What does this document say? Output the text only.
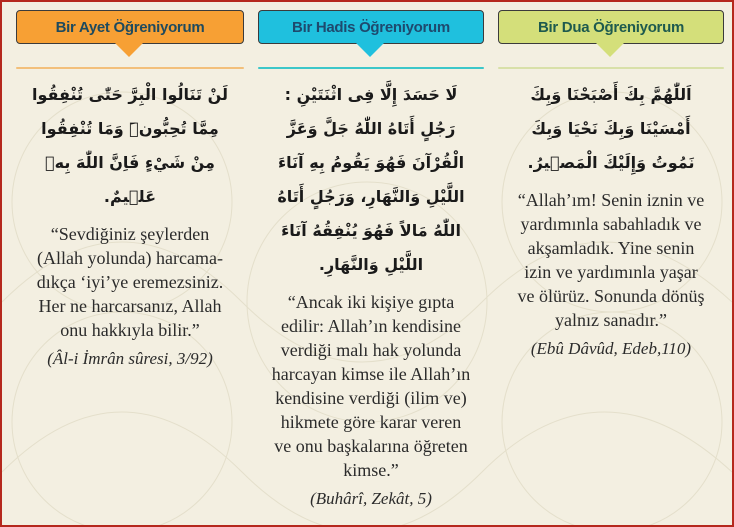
Bir Ayet Öğreniyorum
لَنْ تَنَالُوا الْبِرَّ حَتّٰى تُنْفِقُوا مِمَّا تُحِبُّونَۜ وَمَا تُنْفِقُوا مِنْ شَيْءٍ فَاِنَّ اللّٰهَ بِه۪ عَل۪يمٌ.
“Sevdiğiniz şeylerden
(Allah yolunda) harcama-
dıkça ‘iyi’ye eremezsiniz.
Her ne harcarsanız, Allah
onu hakkıyla bilir.”
(Âl-i İmrân sûresi, 3/92)
Bir Hadis Öğreniyorum
لَا حَسَدَ إِلَّا فِى اثْنَتَيْنِ : رَجُلٍ أَتَاهُ اللّٰهُ جَلَّ وَعَزَّ الْقُرْآنَ فَهُوَ يَقُومُ بِهِ آنَاءَ اللَّيْلِ وَالنَّهَارِ، وَرَجُلٍ أَتَاهُ اللّٰهُ مَالاً فَهُوَ يُنْفِقُهُ آنَاءَ اللَّيْلِ وَالنَّهَارِ.
“Ancak iki kişiye gıpta
edilir: Allah’ın kendisine
verdiği malı hak yolunda
harcayan kimse ile Allah’ın
kendisine verdiği (ilim ve)
hikmete göre karar veren
ve onu başkalarına öğreten
kimse.”
(Buhârî, Zekât, 5)
Bir Dua Öğreniyorum
اَللّٰهُمَّ بِكَ أَصْبَحْنَا وَبِكَ أَمْسَيْنَا وَبِكَ نَحْيَا وَبِكَ نَمُوتُ وَإِلَيْكَ الْمَص۪يرُ.
“Allah’ım! Senin iznin ve
yardımınla sabahladık ve
akşamladık. Yine senin
izin ve yardımınla yaşar
ve ölürüz. Sonunda dönüş
yalnız sanadır.”
(Ebû Dâvûd, Edeb,110)
